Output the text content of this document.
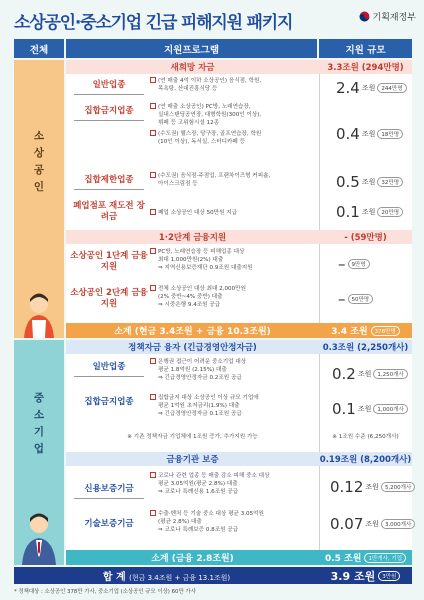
소상공인·중소기업 긴급 피해지원 패키지	기획재정부
전체	지원프로그램	지원 규모
소
상
공
인
중
소
기
업
새희망 자금	3.3조원 (294만명)
일반업종	(연 매출 4억 이하 소상공인) 음식점, 학원,
목욕탕, 산대진흥식당 등	2.4 조원	244만명
집합금지업종	(연 매출 소상공인) PC방, 노래연습장,
실내스탠딩공연장, 대형학원(300인 이상),
뷔페 등 고위험시설 12종
(수도권) 헬스장, 당구장, 골프연습장, 학원
(10인 이상), 독서실, 스터디카페 등	0.4 조원	18만명
집합제한업종	(수도권) 음식점·주점업, 프랜차이즈형 커피숍,
아이스크림점 등	0.5 조원	32만명
폐업점포 재도전 장려금	폐업 소상공인 대상 50만원 지급	0.1 조원	20만명
1·2단계 금융지원	- (59만명)
소상공인 1단계 금융지원
PC방, 노래연습장 등 피해업종 대상
최대 1,000만원(2%) 대출
⇒ 지역신용보증재단 0.9조원 대출지원	–	9만명
소상공인 2단계 금융지원
전체 소상공인 대상 최대 2,000만원
(2% 중반~4% 중반) 대출
⇒ 시중은행 9.4조원 공급	–	50만명
소계 (현금 3.4조원 + 금융 10.3조원)	3.4 조원	378만명
정책자금 융자 (긴급경영안정자금)	0.3조원 (2,250개사)
일반업종	은행권 접근이 어려운 중소기업 대상
평균 1.8억원 (2.15%) 대출
⇒ 긴급경영안정자금 0.2조원 공급	0.2 조원	1,250개사
집합금지업종	집합금지 대상 소상공인 이상 규모 기업에
평균 1억원 초저금리(1.9%) 대출
⇒ 긴급경영안정자금 0.1조원 공급	0.1 조원	1,000개사
※ 기존 정책자금 기업체에 1조원 증가, 추가지원 가능	※ 1조원 수준 (6,250개사)
금융기관 보증	0.19조원 (8,200개사)
신용보증기금
코로나 관련 업종 등 매출 감소 피해 중소 대상
평균 3.05억원(평균 2.8%) 대출
⇒ 코로나 특례신용 1.6조원 공급	0.12 조원	5,200개사
기술보증기금
수출·벤처 등 기술 중소 대상 평균 3.05억원
(평균 2.8%) 대출
⇒ 코로나 특례보증 0.8조원 공급	0.07 조원	3,000개사
소계 (금융 2.8조원)	0.5 조원	1만개사, 기업
합 계 (현금 3.4조원 + 금융 13.1조원)	3.9 조원	3만원
* 정책대상 : 소상공인 378만 가사, 중소기업 (소상공인 규모 이상) 60만 가사
